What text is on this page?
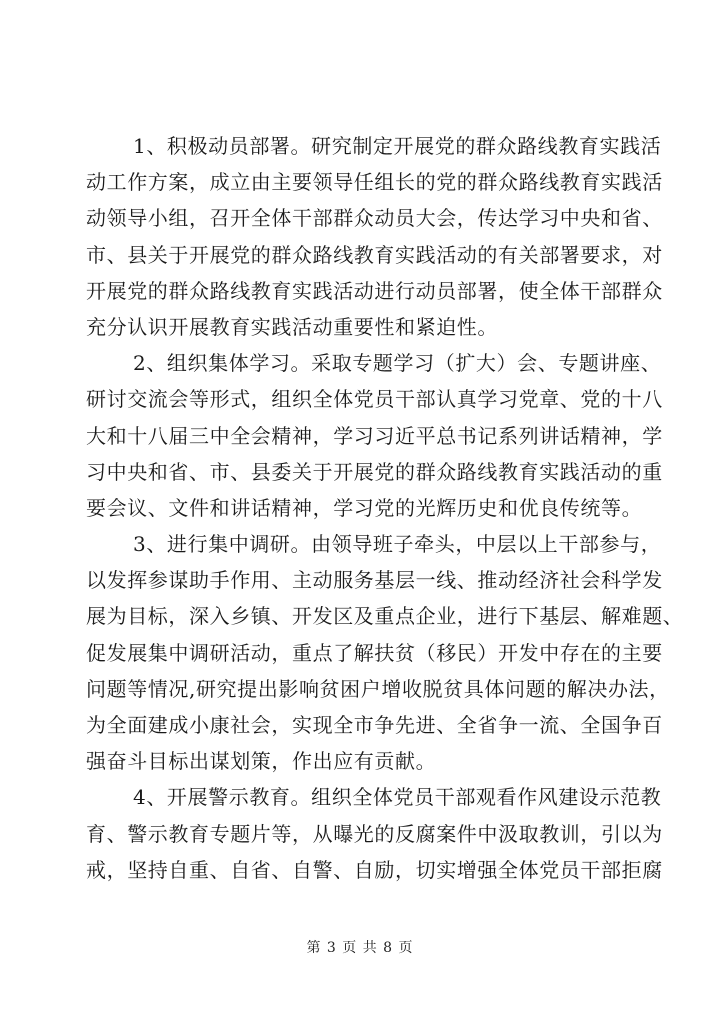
1、积极动员部署。研究制定开展党的群众路线教育实践活
动工作方案，成立由主要领导任组长的党的群众路线教育实践活
动领导小组，召开全体干部群众动员大会，传达学习中央和省、
市、县关于开展党的群众路线教育实践活动的有关部署要求，对
开展党的群众路线教育实践活动进行动员部署，使全体干部群众
充分认识开展教育实践活动重要性和紧迫性。
2、组织集体学习。采取专题学习（扩大）会、专题讲座、
研讨交流会等形式，组织全体党员干部认真学习党章、党的十八
大和十八届三中全会精神，学习习近平总书记系列讲话精神，学
习中央和省、市、县委关于开展党的群众路线教育实践活动的重
要会议、文件和讲话精神，学习党的光辉历史和优良传统等。
3、进行集中调研。由领导班子牵头，中层以上干部参与，
以发挥参谋助手作用、主动服务基层一线、推动经济社会科学发
展为目标，深入乡镇、开发区及重点企业，进行下基层、解难题、
促发展集中调研活动，重点了解扶贫（移民）开发中存在的主要
问题等情况,研究提出影响贫困户增收脱贫具体问题的解决办法，
为全面建成小康社会，实现全市争先进、全省争一流、全国争百
强奋斗目标出谋划策，作出应有贡献。
4、开展警示教育。组织全体党员干部观看作风建设示范教
育、警示教育专题片等，从曝光的反腐案件中汲取教训，引以为
戒，坚持自重、自省、自警、自励，切实增强全体党员干部拒腐
第 3 页 共 8 页
